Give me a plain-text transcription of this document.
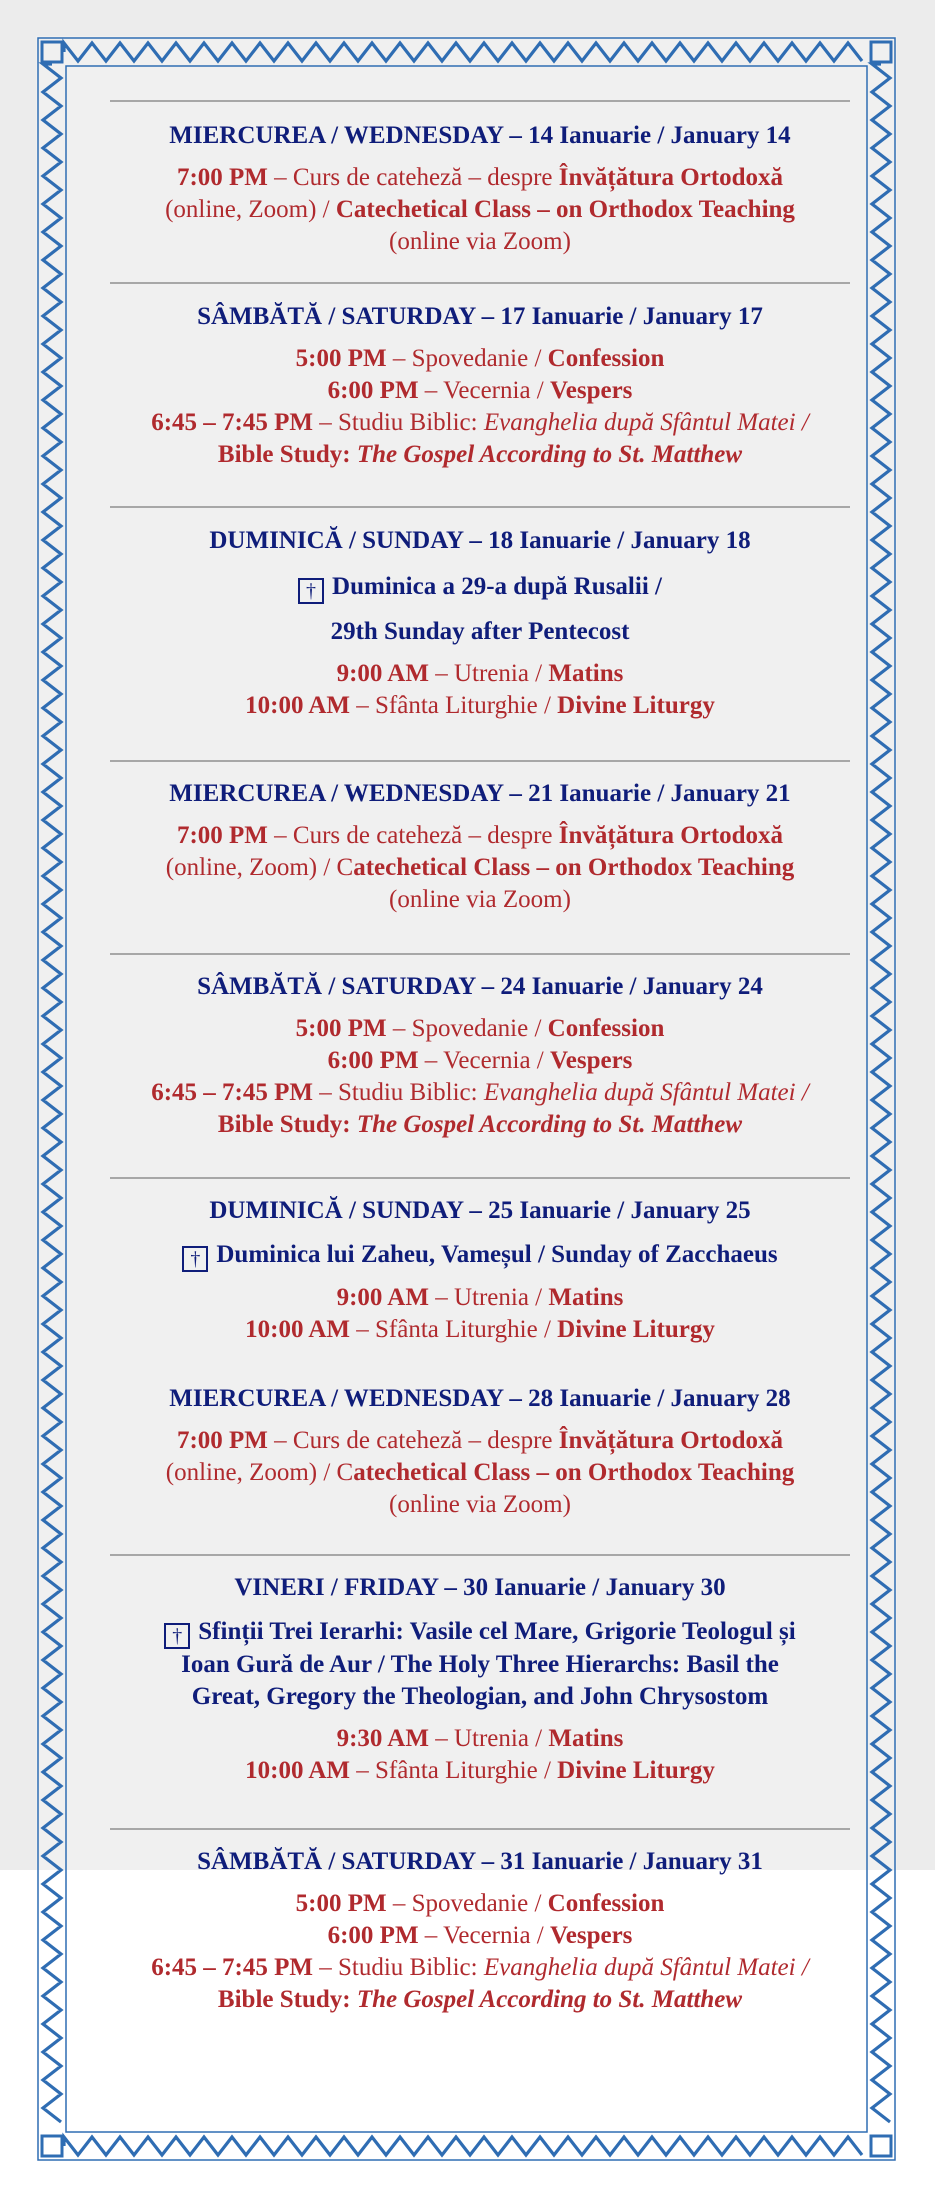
MIERCUREA / WEDNESDAY – 14 Ianuarie / January 14
7:00 PM – Curs de cateheză – despre Învățătura Ortodoxă
(online, Zoom) / Catechetical Class – on Orthodox Teaching
(online via Zoom)
SÂMBĂTĂ / SATURDAY – 17 Ianuarie / January 17
5:00 PM – Spovedanie / Confession
6:00 PM – Vecernia / Vespers
6:45 – 7:45 PM – Studiu Biblic: Evanghelia după Sfântul Matei /
Bible Study: The Gospel According to St. Matthew
DUMINICĂ / SUNDAY – 18 Ianuarie / January 18
† Duminica a 29-a după Rusalii /
29th Sunday after Pentecost
9:00 AM – Utrenia / Matins
10:00 AM – Sfânta Liturghie / Divine Liturgy
MIERCUREA / WEDNESDAY – 21 Ianuarie / January 21
7:00 PM – Curs de cateheză – despre Învățătura Ortodoxă
(online, Zoom) / Catechetical Class – on Orthodox Teaching
(online via Zoom)
SÂMBĂTĂ / SATURDAY – 24 Ianuarie / January 24
5:00 PM – Spovedanie / Confession
6:00 PM – Vecernia / Vespers
6:45 – 7:45 PM – Studiu Biblic: Evanghelia după Sfântul Matei /
Bible Study: The Gospel According to St. Matthew
DUMINICĂ / SUNDAY – 25 Ianuarie / January 25
† Duminica lui Zaheu, Vameșul / Sunday of Zacchaeus
9:00 AM – Utrenia / Matins
10:00 AM – Sfânta Liturghie / Divine Liturgy
MIERCUREA / WEDNESDAY – 28 Ianuarie / January 28
7:00 PM – Curs de cateheză – despre Învățătura Ortodoxă
(online, Zoom) / Catechetical Class – on Orthodox Teaching
(online via Zoom)
VINERI / FRIDAY – 30 Ianuarie / January 30
† Sfinții Trei Ierarhi: Vasile cel Mare, Grigorie Teologul și
Ioan Gură de Aur / The Holy Three Hierarchs: Basil the
Great, Gregory the Theologian, and John Chrysostom
9:30 AM – Utrenia / Matins
10:00 AM – Sfânta Liturghie / Divine Liturgy
SÂMBĂTĂ / SATURDAY – 31 Ianuarie / January 31
5:00 PM – Spovedanie / Confession
6:00 PM – Vecernia / Vespers
6:45 – 7:45 PM – Studiu Biblic: Evanghelia după Sfântul Matei /
Bible Study: The Gospel According to St. Matthew
